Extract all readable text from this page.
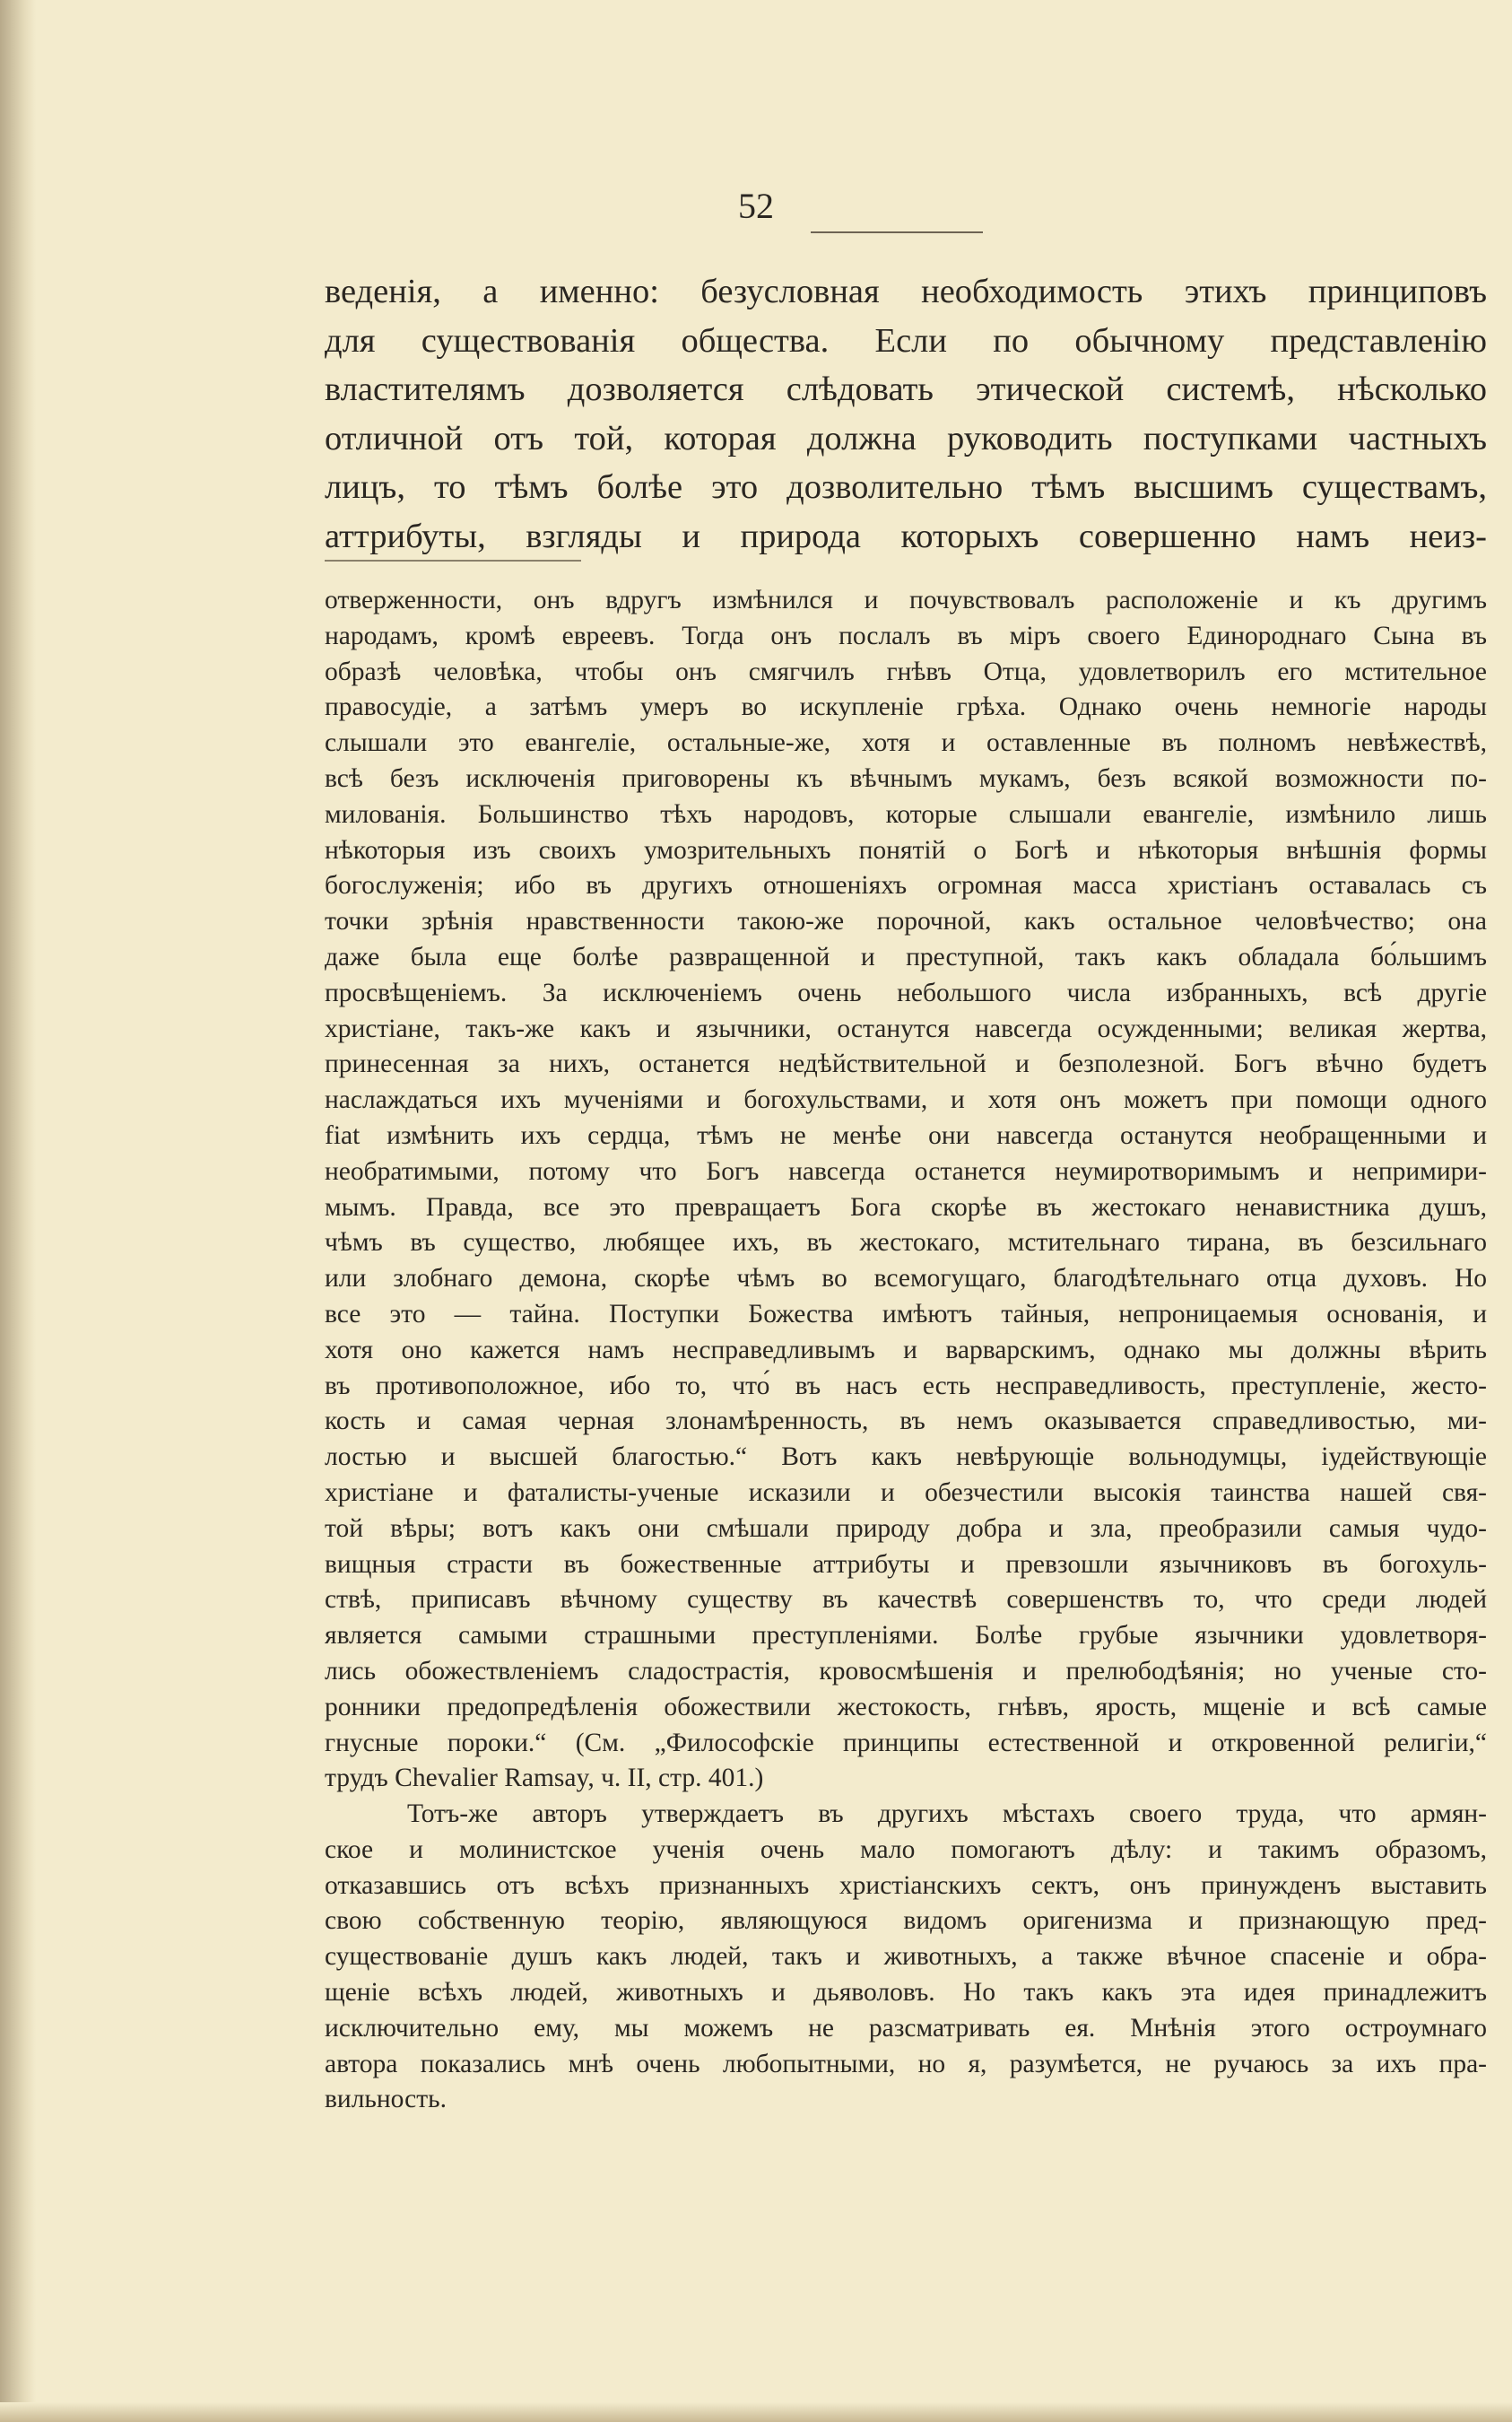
52
веденія, а именно: безусловная необходимость этихъ принциповъ
для существованія общества. Если по обычному представленію
властителямъ дозволяется слѣдовать этической системѣ, нѣсколько
отличной отъ той, которая должна руководить поступками частныхъ
лицъ, то тѣмъ болѣе это дозволительно тѣмъ высшимъ существамъ,
аттрибуты, взгляды и природа которыхъ совершенно намъ неиз-
отверженности, онъ вдругъ измѣнился и почувствовалъ расположеніе и къ другимъ
народамъ, кромѣ евреевъ. Тогда онъ послалъ въ міръ своего Единороднаго Сына въ
образѣ человѣка, чтобы онъ смягчилъ гнѣвъ Отца, удовлетворилъ его мстительное
правосудіе, а затѣмъ умеръ во искупленіе грѣха. Однако очень немногіе народы
слышали это евангеліе, остальные-же, хотя и оставленные въ полномъ невѣжествѣ,
всѣ безъ исключенія приговорены къ вѣчнымъ мукамъ, безъ всякой возможности по-
милованія. Большинство тѣхъ народовъ, которые слышали евангеліе, измѣнило лишь
нѣкоторыя изъ своихъ умозрительныхъ понятій о Богѣ и нѣкоторыя внѣшнія формы
богослуженія; ибо въ другихъ отношеніяхъ огромная масса христіанъ оставалась съ
точки зрѣнія нравственности такою-же порочной, какъ остальное человѣчество; она
даже была еще болѣе развращенной и преступной, такъ какъ обладала бо́льшимъ
просвѣщеніемъ. За исключеніемъ очень небольшого числа избранныхъ, всѣ другіе
христіане, такъ-же какъ и язычники, останутся навсегда осужденными; великая жертва,
принесенная за нихъ, останется недѣйствительной и безполезной. Богъ вѣчно будетъ
наслаждаться ихъ мученіями и богохульствами, и хотя онъ можетъ при помощи одного
fiat измѣнить ихъ сердца, тѣмъ не менѣе они навсегда останутся необращенными и
необратимыми, потому что Богъ навсегда останется неумиротворимымъ и непримири-
мымъ. Правда, все это превращаетъ Бога скорѣе въ жестокаго ненавистника душъ,
чѣмъ въ существо, любящее ихъ, въ жестокаго, мстительнаго тирана, въ безсильнаго
или злобнаго демона, скорѣе чѣмъ во всемогущаго, благодѣтельнаго отца духовъ. Но
все это — тайна. Поступки Божества имѣютъ тайныя, непроницаемыя основанія, и
хотя оно кажется намъ несправедливымъ и варварскимъ, однако мы должны вѣрить
въ противоположное, ибо то, что́ въ насъ есть несправедливость, преступленіе, жесто-
кость и самая черная злонамѣренность, въ немъ оказывается справедливостью, ми-
лостью и высшей благостью.“ Вотъ какъ невѣрующіе вольнодумцы, іудействующіе
христіане и фаталисты-ученые исказили и обезчестили высокія таинства нашей свя-
той вѣры; вотъ какъ они смѣшали природу добра и зла, преобразили самыя чудо-
вищныя страсти въ божественные аттрибуты и превзошли язычниковъ въ богохуль-
ствѣ, приписавъ вѣчному существу въ качествѣ совершенствъ то, что среди людей
является самыми страшными преступленіями. Болѣе грубые язычники удовлетворя-
лись обожествленіемъ сладострастія, кровосмѣшенія и прелюбодѣянія; но ученые сто-
ронники предопредѣленія обожествили жестокость, гнѣвъ, ярость, мщеніе и всѣ самые
гнусные пороки.“ (См. „Философскіе принципы естественной и откровенной религіи,“
трудъ Chevalier Ramsay, ч. II, стр. 401.)
Тотъ-же авторъ утверждаетъ въ другихъ мѣстахъ своего труда, что армян-
ское и молинистское ученія очень мало помогаютъ дѣлу: и такимъ образомъ,
отказавшись отъ всѣхъ признанныхъ христіанскихъ сектъ, онъ принужденъ выставить
свою собственную теорію, являющуюся видомъ оригенизма и признающую пред-
существованіе душъ какъ людей, такъ и животныхъ, а также вѣчное спасеніе и обра-
щеніе всѣхъ людей, животныхъ и дьяволовъ. Но такъ какъ эта идея принадлежитъ
исключительно ему, мы можемъ не разсматривать ея. Мнѣнія этого остроумнаго
автора показались мнѣ очень любопытными, но я, разумѣется, не ручаюсь за ихъ пра-
вильность.
